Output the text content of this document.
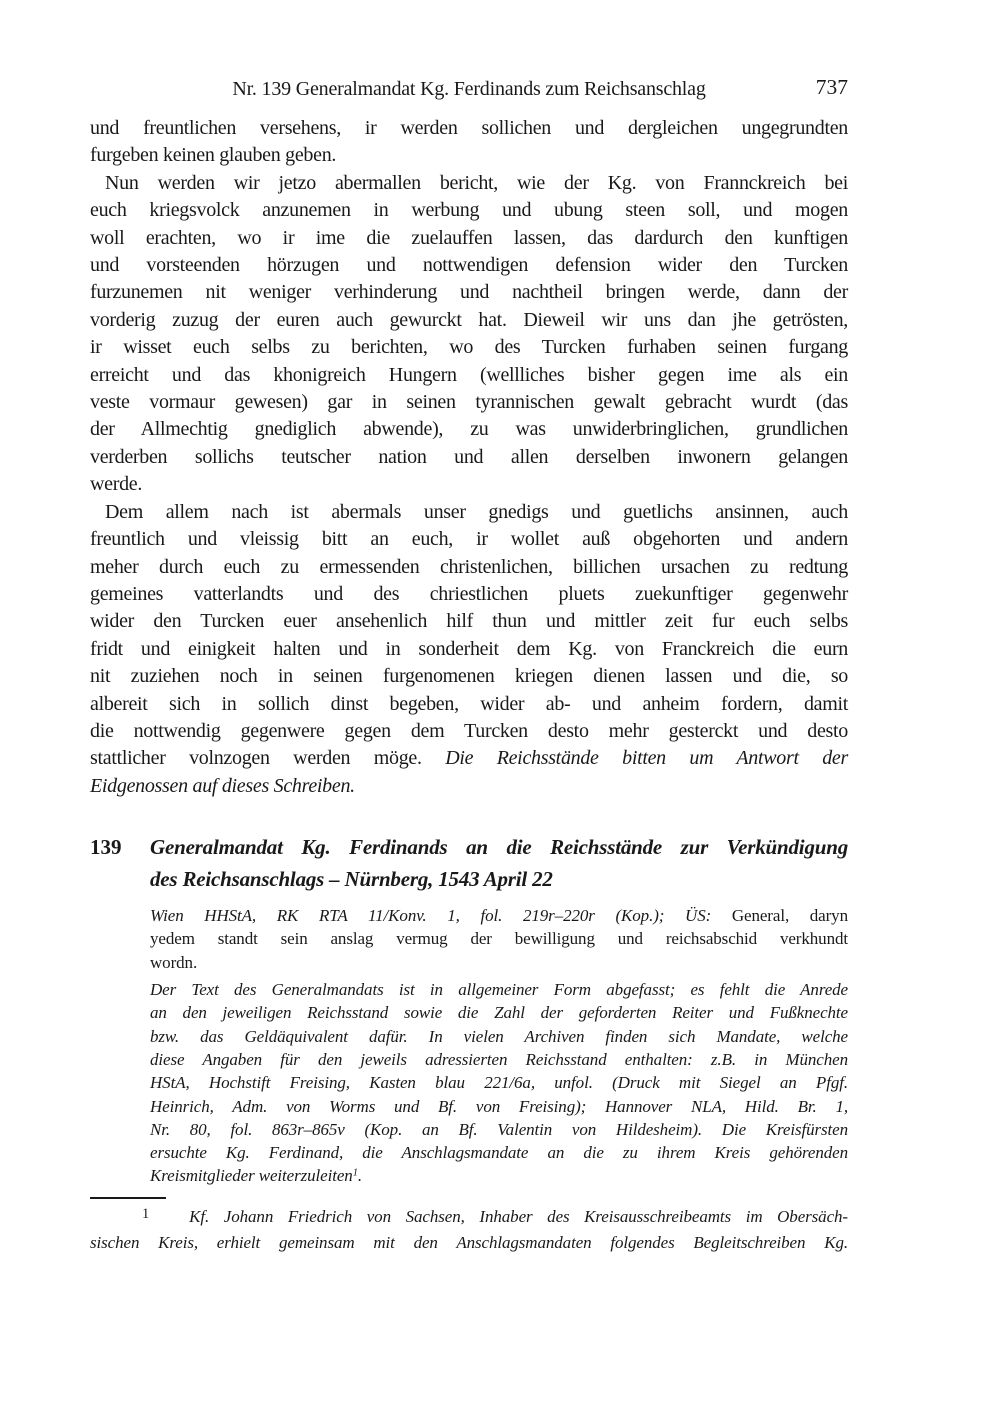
Nr. 139 Generalmandat Kg. Ferdinands zum Reichsanschlag	737
und freuntlichen versehens, ir werden sollichen und dergleichen ungegrundten
furgeben keinen glauben geben.
Nun werden wir jetzo abermallen bericht, wie der Kg. von Frannckreich bei
euch kriegsvolck anzunemen in werbung und ubung steen soll, und mogen
woll erachten, wo ir ime die zuelauffen lassen, das dardurch den kunftigen
und vorsteenden hörzugen und nottwendigen defension wider den Turcken
furzunemen nit weniger verhinderung und nachtheil bringen werde, dann der
vorderig zuzug der euren auch gewurckt hat. Dieweil wir uns dan jhe getrösten,
ir wisset euch selbs zu berichten, wo des Turcken furhaben seinen furgang
erreicht und das khonigreich Hungern (wellliches bisher gegen ime als ein
veste vormaur gewesen) gar in seinen tyrannischen gewalt gebracht wurdt (das
der Allmechtig gnediglich abwende), zu was unwiderbringlichen, grundlichen
verderben sollichs teutscher nation und allen derselben inwonern gelangen
werde.
Dem allem nach ist abermals unser gnedigs und guetlichs ansinnen, auch
freuntlich und vleissig bitt an euch, ir wollet auß obgehorten und andern
meher durch euch zu ermessenden christenlichen, billichen ursachen zu redtung
gemeines vatterlandts und des chriestlichen pluets zuekunftiger gegenwehr
wider den Turcken euer ansehenlich hilf thun und mittler zeit fur euch selbs
fridt und einigkeit halten und in sonderheit dem Kg. von Franckreich die eurn
nit zuziehen noch in seinen furgenomenen kriegen dienen lassen und die, so
albereit sich in sollich dinst begeben, wider ab- und anheim fordern, damit
die nottwendig gegenwere gegen dem Turcken desto mehr gesterckt und desto
stattlicher volnzogen werden möge. Die Reichsstände bitten um Antwort der
Eidgenossen auf dieses Schreiben.
139	Generalmandat Kg. Ferdinands an die Reichsstände zur Verkündigung
des Reichsanschlags – Nürnberg, 1543 April 22
Wien HHStA, RK RTA 11/Konv. 1, fol. 219r–220r (Kop.); ÜS: General, daryn
yedem standt sein anslag vermug der bewilligung und reichsabschid verkhundt
wordn.
Der Text des Generalmandats ist in allgemeiner Form abgefasst; es fehlt die Anrede
an den jeweiligen Reichsstand sowie die Zahl der geforderten Reiter und Fußknechte
bzw. das Geldäquivalent dafür. In vielen Archiven finden sich Mandate, welche
diese Angaben für den jeweils adressierten Reichsstand enthalten: z.B. in München
HStA, Hochstift Freising, Kasten blau 221/6a, unfol. (Druck mit Siegel an Pfgf.
Heinrich, Adm. von Worms und Bf. von Freising); Hannover NLA, Hild. Br. 1,
Nr. 80, fol. 863r–865v (Kop. an Bf. Valentin von Hildesheim). Die Kreisfürsten
ersuchte Kg. Ferdinand, die Anschlagsmandate an die zu ihrem Kreis gehörenden
Kreismitglieder weiterzuleiten$^1$.
1 Kf. Johann Friedrich von Sachsen, Inhaber des Kreisausschreibeamts im Obersäch-
sischen Kreis, erhielt gemeinsam mit den Anschlagsmandaten folgendes Begleitschreiben Kg.
